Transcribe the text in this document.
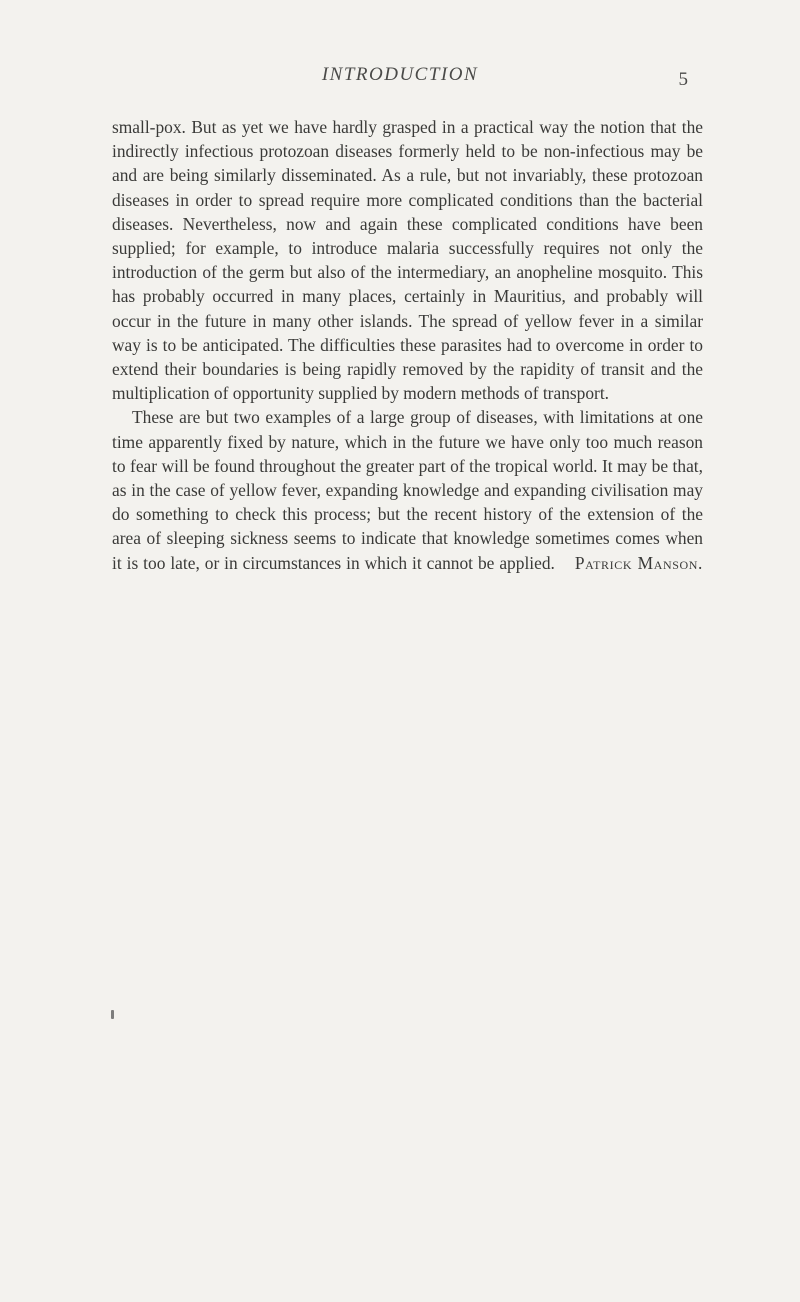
INTRODUCTION	5

small-pox. But as yet we have hardly grasped in a practical way the notion that the indirectly infectious protozoan diseases formerly held to be non-infectious may be and are being similarly disseminated. As a rule, but not invariably, these protozoan diseases in order to spread require more complicated conditions than the bacterial diseases. Nevertheless, now and again these complicated conditions have been supplied; for example, to introduce malaria successfully requires not only the introduction of the germ but also of the intermediary, an anopheline mosquito. This has probably occurred in many places, certainly in Mauritius, and probably will occur in the future in many other islands. The spread of yellow fever in a similar way is to be anticipated. The difficulties these parasites had to overcome in order to extend their boundaries is being rapidly removed by the rapidity of transit and the multiplication of opportunity supplied by modern methods of transport.

These are but two examples of a large group of diseases, with limitations at one time apparently fixed by nature, which in the future we have only too much reason to fear will be found throughout the greater part of the tropical world. It may be that, as in the case of yellow fever, expanding knowledge and expanding civilisation may do something to check this process; but the recent history of the extension of the area of sleeping sickness seems to indicate that knowledge sometimes comes when it is too late, or in circumstances in which it cannot be applied. Patrick Manson.
